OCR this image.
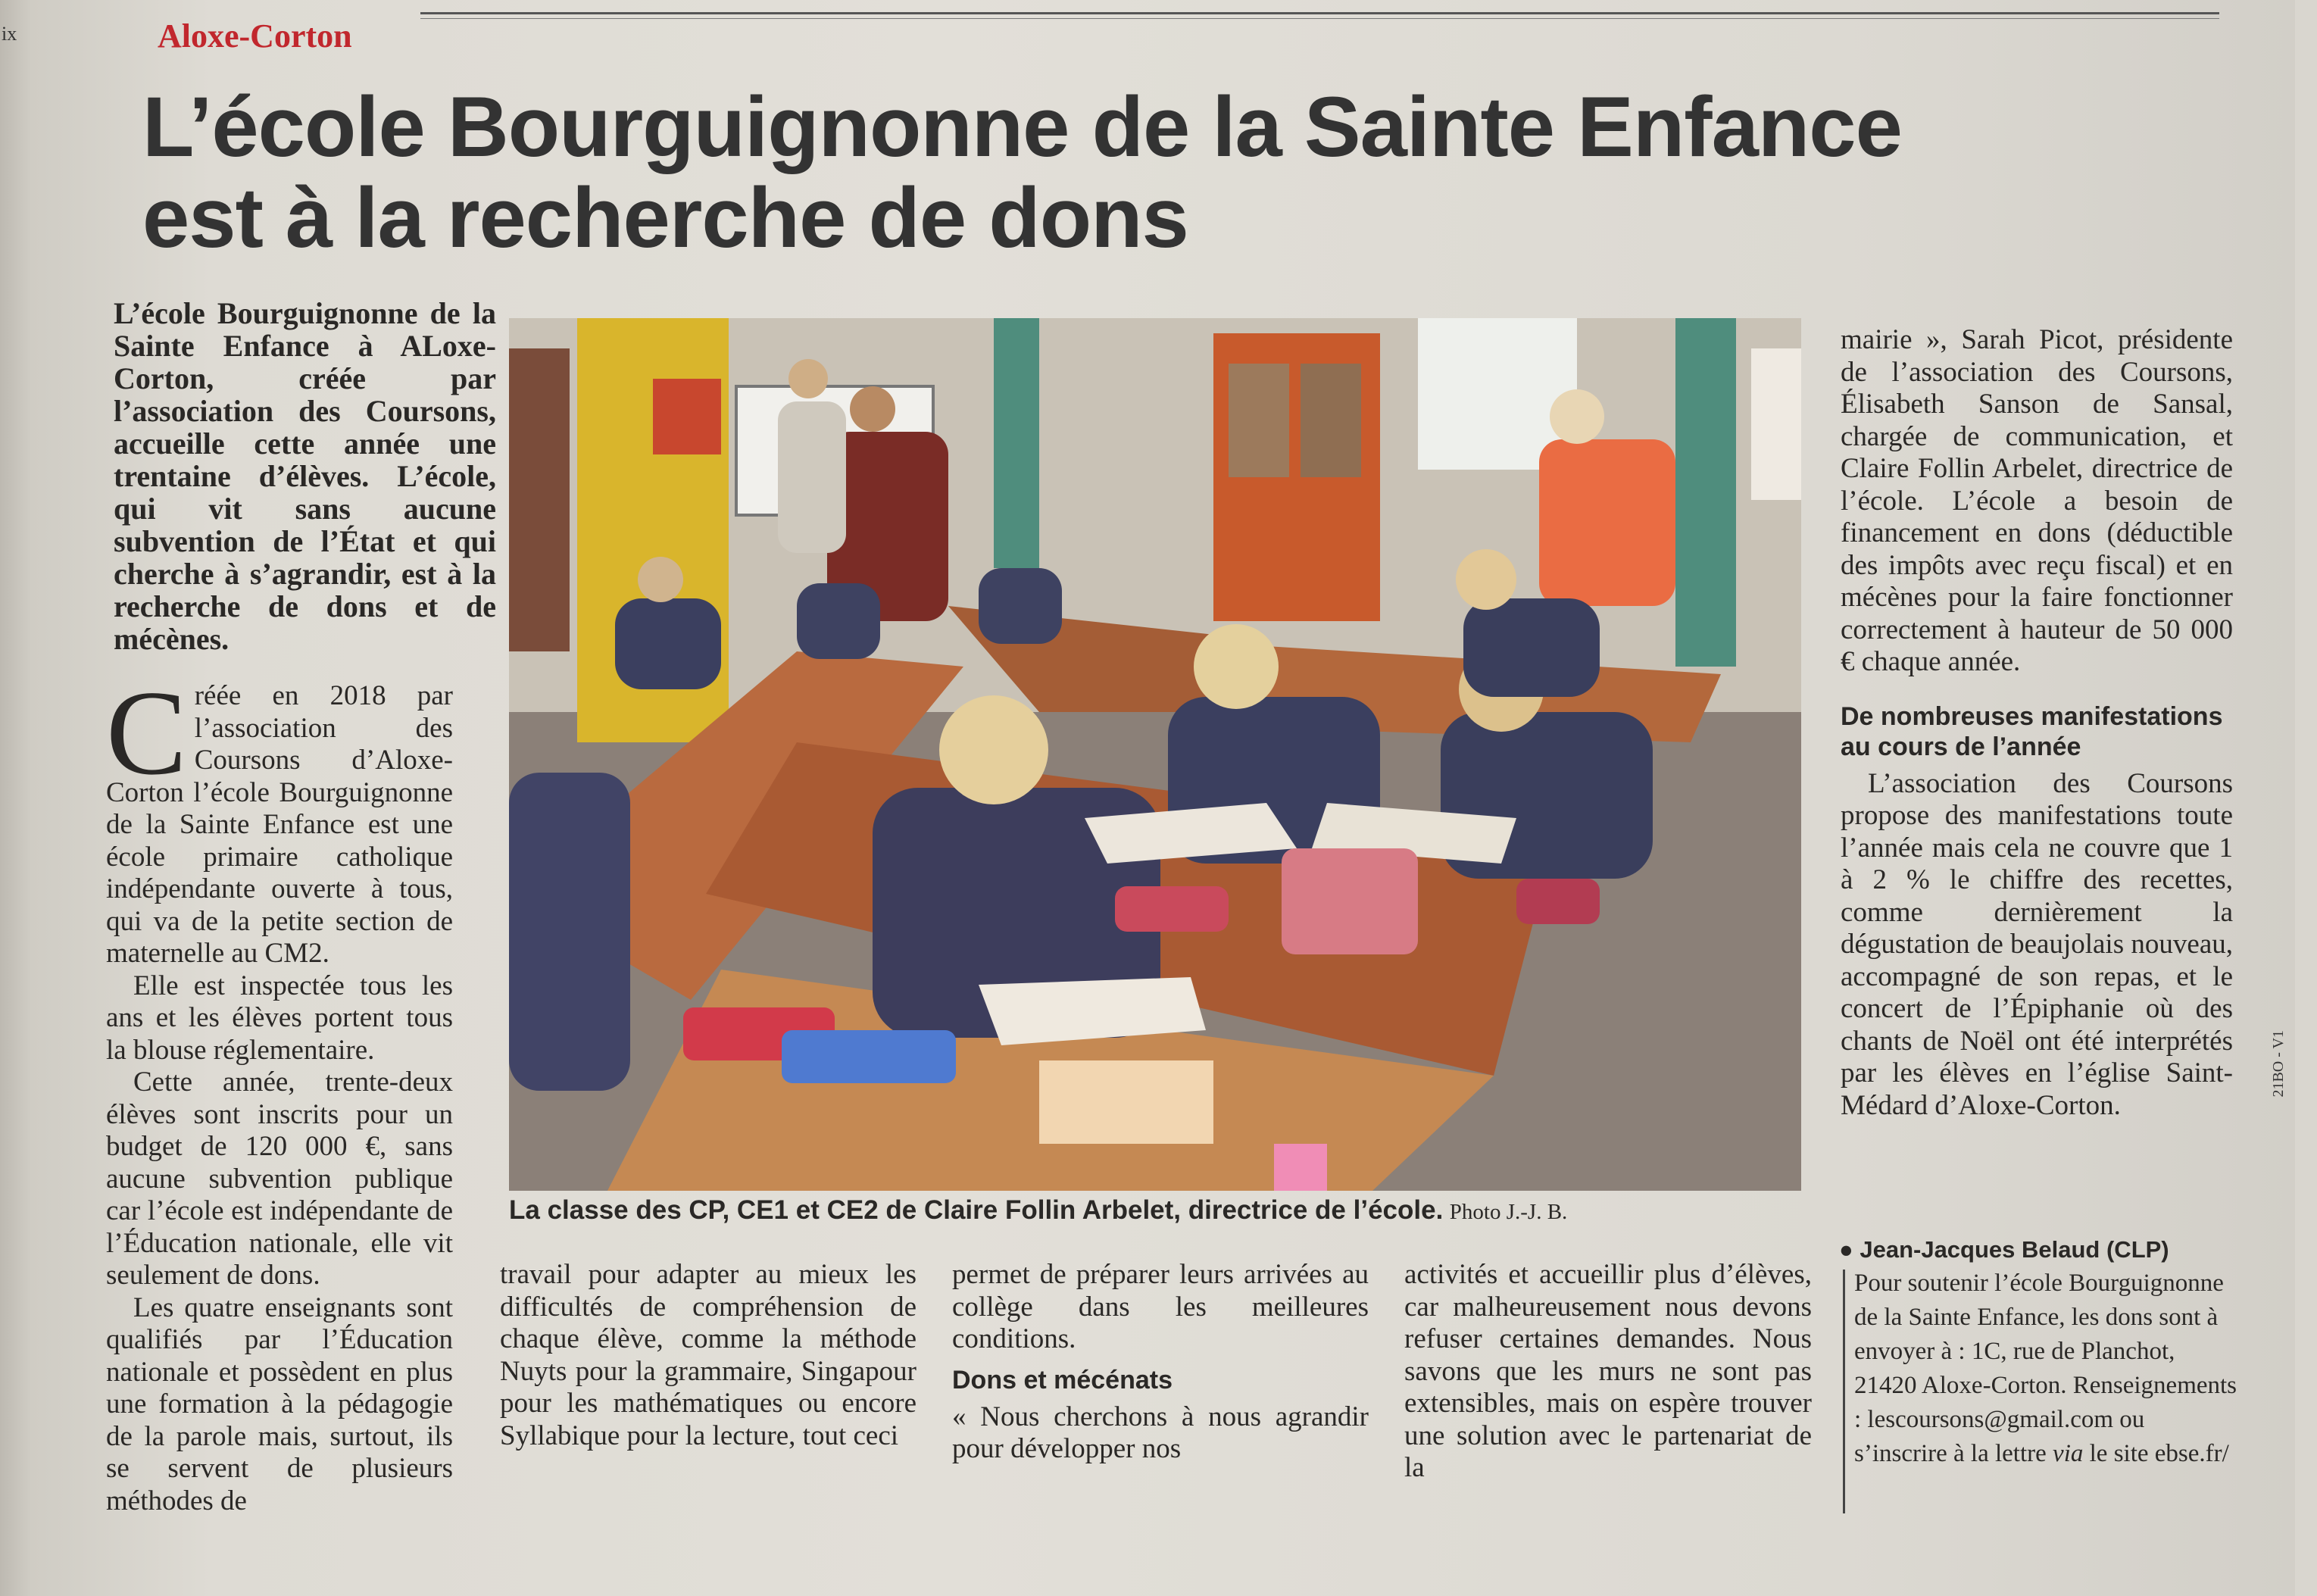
ix	Aloxe-Corton
L’école Bourguignonne de la Sainte Enfance
est à la recherche de dons

L’école Bourguignonne de la Sainte Enfance à ALoxe-Corton, créée par l’association des Coursons, accueille cette année une trentaine d’élèves. L’école, qui vit sans aucune subvention de l’État et qui cherche à s’agrandir, est à la recherche de dons et de mécènes.

Créée en 2018 par l’association des Coursons d’Aloxe-Corton l’école Bourguignonne de la Sainte Enfance est une école primaire catholique indépendante ouverte à tous, qui va de la petite section de maternelle au CM2.

Elle est inspectée tous les ans et les élèves portent tous la blouse réglementaire.

Cette année, trente-deux élèves sont inscrits pour un budget de 120 000 €, sans aucune subvention publique car l’école est indépendante de l’Éducation nationale, elle vit seulement de dons.

Les quatre enseignants sont qualifiés par l’Éducation nationale et possèdent en plus une formation à la pédagogie de la parole mais, surtout, ils se servent de plusieurs méthodes de

La classe des CP, CE1 et CE2 de Claire Follin Arbelet, directrice de l’école. Photo J.-J. B.

travail pour adapter au mieux les difficultés de compréhension de chaque élève, comme la méthode Nuyts pour la grammaire, Singapour pour les mathématiques ou encore Syllabique pour la lecture, tout ceci

permet de préparer leurs arrivées au collège dans les meilleures conditions.

Dons et mécénats

« Nous cherchons à nous agrandir pour développer nos

activités et accueillir plus d’élèves, car malheureusement nous devons refuser certaines demandes. Nous savons que les murs ne sont pas extensibles, mais on espère trouver une solution avec le partenariat de la

mairie », Sarah Picot, présidente de l’association des Coursons, Élisabeth Sanson de Sansal, chargée de communication, et Claire Follin Arbelet, directrice de l’école. L’école a besoin de financement en dons (déductible des impôts avec reçu fiscal) et en mécènes pour la faire fonctionner correctement à hauteur de 50 000 € chaque année.

De nombreuses manifestations au cours de l’année

L’association des Coursons propose des manifestations toute l’année mais cela ne couvre que 1 à 2 % le chiffre des recettes, comme dernièrement la dégustation de beaujolais nouveau, accompagné de son repas, et le concert de l’Épiphanie où des chants de Noël ont été interprétés par les élèves en l’église Saint-Médard d’Aloxe-Corton.

● Jean-Jacques Belaud (CLP)
Pour soutenir l’école Bourguignonne de la Sainte Enfance, les dons sont à envoyer à : 1C, rue de Planchot, 21420 Aloxe-Corton. Renseignements : lescoursons@gmail.com ou s’inscrire à la lettre via le site ebse.fr/
21BO - V1
